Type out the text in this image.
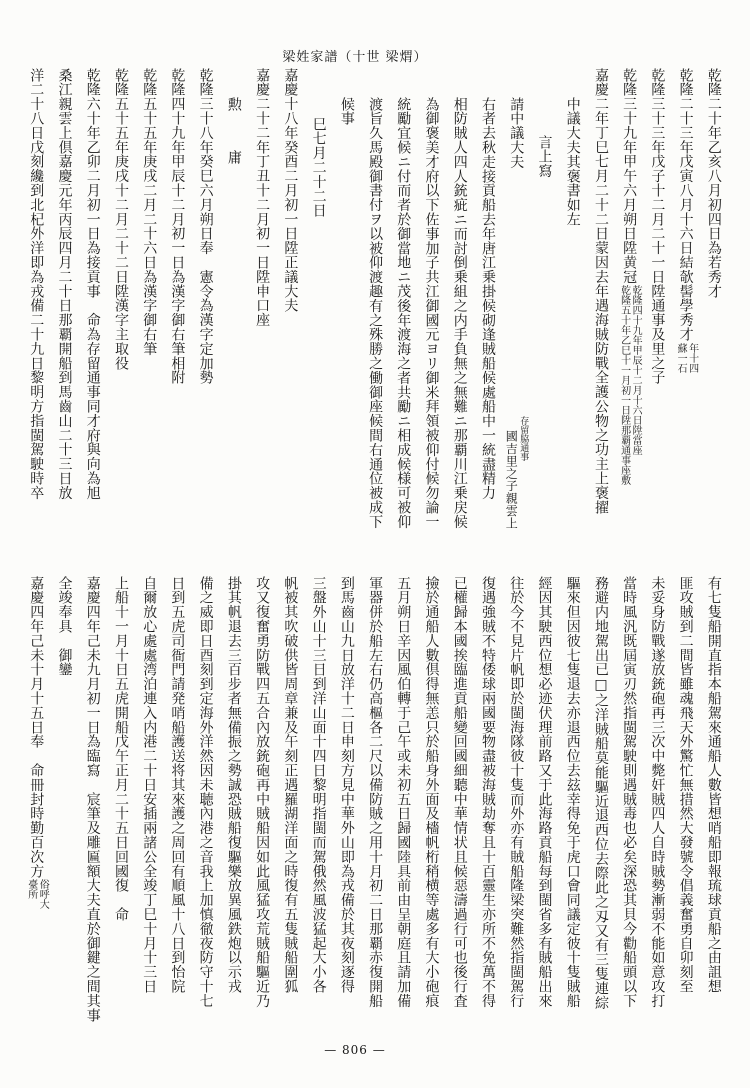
梁姓家譜（十世 梁煟）
乾隆二十年乙亥八月初四日為若秀才
乾隆二十三年戊寅八月十六日結欹髻學秀才
年十四
蘇一石
乾隆三十三年戊子十二月二十一日陞通事及里之子
乾隆三十九年甲午六月朔日陞黄冠
乾隆四十九年甲辰十二月十六日陞當座
乾隆五十年乙巳十一月初一日陞那覇通事座敷
嘉慶二年丁巳七月二十二日蒙因去年遇海賊防戰全護公物之功主上褒擢
中議大夫其褒書如左
言上寫
請中議大夫
存留脇通事
國吉里之子親雲上
右者去秋走接貢船去年唐江乗掛候砌逢賊船候處船中一統盡精力
相防賊人四人銃疵ニ而討倒乗組之内手負無之無難ニ那覇川江乗戻候
為御褒美才府以下佐事加子共江御國元ヨリ御米拜領被仰付候勿論一
統勵宜候ニ付而者於御當地ニ茂後年渡海之者共勵ニ相成候様可被仰
渡旨久馬殿御書付ヲ以被仰渡趣有之殊勝之働御座候間右通位被成下
候事
巳七月二十二日
嘉慶十八年癸酉二月初一日陞正議大夫
嘉慶二十二年丁丑十二月初一日陞申口座
勲庸
乾隆三十八年癸巳六月朔日奉　憲令為漢字定加勢
乾隆四十九年甲辰十二月初一日為漢字御右筆相附
乾隆五十五年庚戌二月二十六日為漢字御右筆
乾隆五十五年庚戌十二月二十二日陞漢字主取役
乾隆六十年乙卯二月初一日為接貢事　命為存留通事同才府與向為旭
桑江親雲上倶嘉慶元年丙辰四月二十日那覇開船到馬齒山二十三日放
洋二十八日戊刻纔到北杞外洋即為戎備二十九日黎明方指閩駕駛時卒
有七隻船開直指本船駕來通船人數皆想哨船即報琉球貢船之由詛想
匪攻賊到二間皆雖魂飛天外驚忙無措然大發號令倡義奮勇自卯刻至
未妥身防戰遂放銃砲再三次中斃奸賊四人自時賊勢漸弱不能如意攻打
當時風汎既屆寅刃然指閩駕駛則遇賊毒也必矣深恐其貝今勸船頭以下
務避内地駕出已□之洋賊船莫能驅近退西位去際此之刄又有三隻連綜
驅來但因彼七隻退去亦退西位去玆幸得免于虎口會同議定彼十隻賊船
經因其駛西位想必迹伏理前路又于此海路貢船每到閩省多有賊船出來
往於今不見片帆即於閩海隊彼十隻而外亦有賊船隆梁突難然指閩駕行
復遇強賊不特倭球兩國要物盡被海賊劫奪且十百靈生亦所不免萬不得
已權歸本國挨臨進貢船變回國細聽中華情状且候惡濤過行可也後行査
撿於通船人數倶得無恙只於船身外面及檣帆桁稍横等處多有大小砲痕
五月朔日辛因風伯轉于己午或未初五日歸國陸具前由呈朝庭且請加備
軍器併於船左右仍高樞各二尺以備防賊之用十月初二日那覇赤復開船
到馬齒山九日放洋十二日申刻方見中華外山即為戎備於其夜刻逐得
三盤外山十三日到洋山面十四日黎明指閩而駕俄然風波猛起大小各
帆被其吹破供皆周章兼及午刻正遇羅湖洋面之時復有五隻賊船圍狐
攻又復奮勇防戰四五合內放銃砲再中賊船因如此風猛攻荒賊船驅近乃
掛其帆退去三百步者無備振之勢誠恐賊船復驅樂放異風鉄炮以示戎
備之威即日酉刻到定海外洋然因未聴內港之音我上加慎徹夜防守十七
日到五虎司衙門請発哨船護送将其來護之周回有順風十八日到怡院
自爾放心處處湾泊連入内港二十日安插兩諸公全竣丁巳十月十三日
上船十一月十日五虎開船戊午正月二十五日回國復　命
嘉慶四年己未九月初一日為臨寫　宸筆及雕匾額大夫直於御鍵之間其事
全竣奉具　御鑾
嘉慶四年己未十月十五日奉　命冊封時勤百次方
俗呼大
臺所
— 806 —
